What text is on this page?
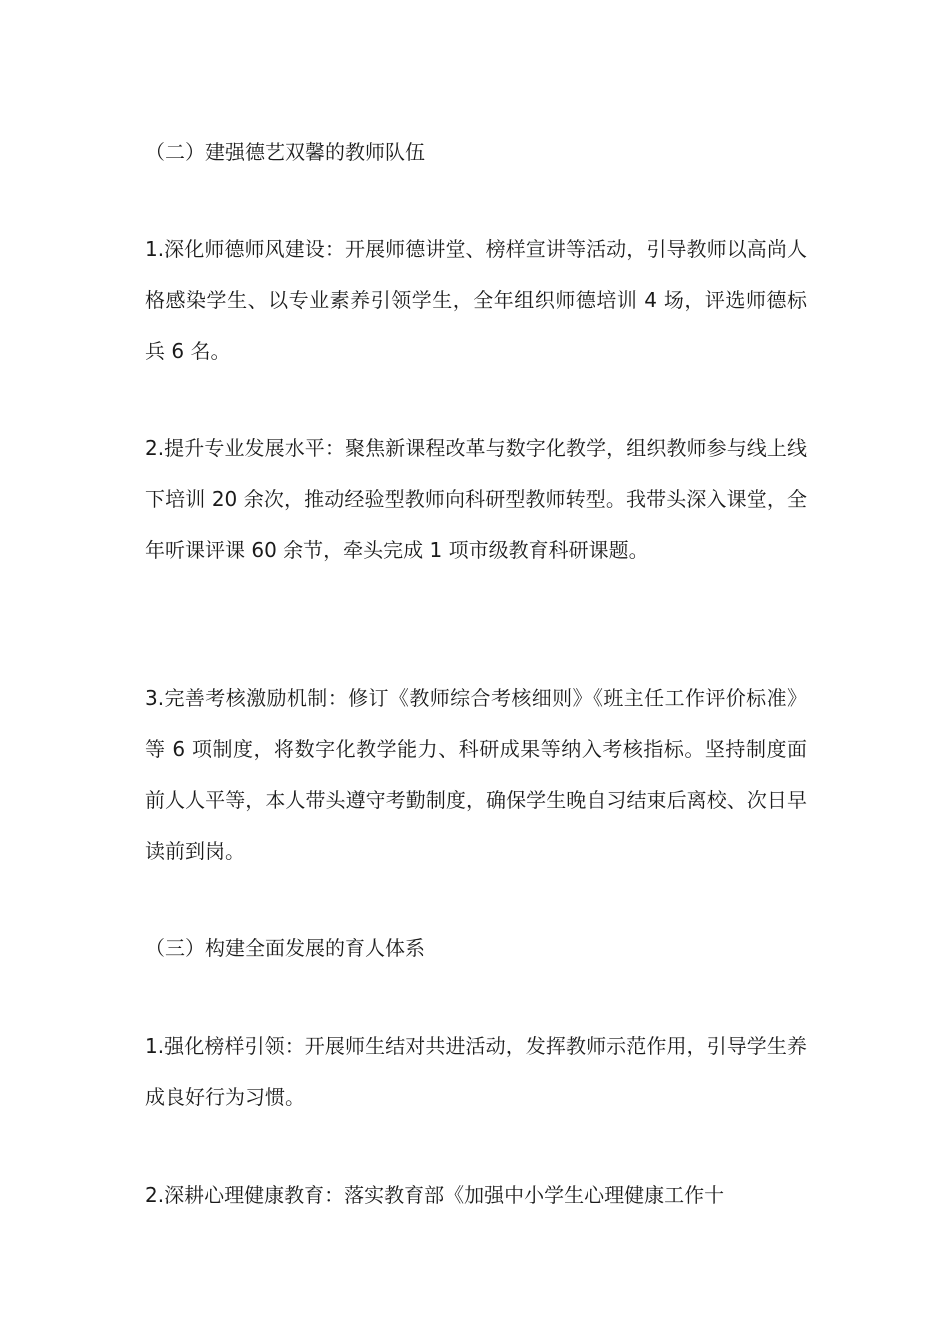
（二）建强德艺双馨的教师队伍

1.深化师德师风建设：开展师德讲堂、榜样宣讲等活动，引导教师以高尚人格感染学生、以专业素养引领学生，全年组织师德培训 4 场，评选师德标兵 6 名。

2.提升专业发展水平：聚焦新课程改革与数字化教学，组织教师参与线上线下培训 20 余次，推动经验型教师向科研型教师转型。我带头深入课堂，全年听课评课 60 余节，牵头完成 1 项市级教育科研课题。

3.完善考核激励机制：修订《教师综合考核细则》《班主任工作评价标准》等 6 项制度，将数字化教学能力、科研成果等纳入考核指标。坚持制度面前人人平等，本人带头遵守考勤制度，确保学生晚自习结束后离校、次日早读前到岗。

（三）构建全面发展的育人体系

1.强化榜样引领：开展师生结对共进活动，发挥教师示范作用，引导学生养成良好行为习惯。

2.深耕心理健康教育：落实教育部《加强中小学生心理健康工作十
